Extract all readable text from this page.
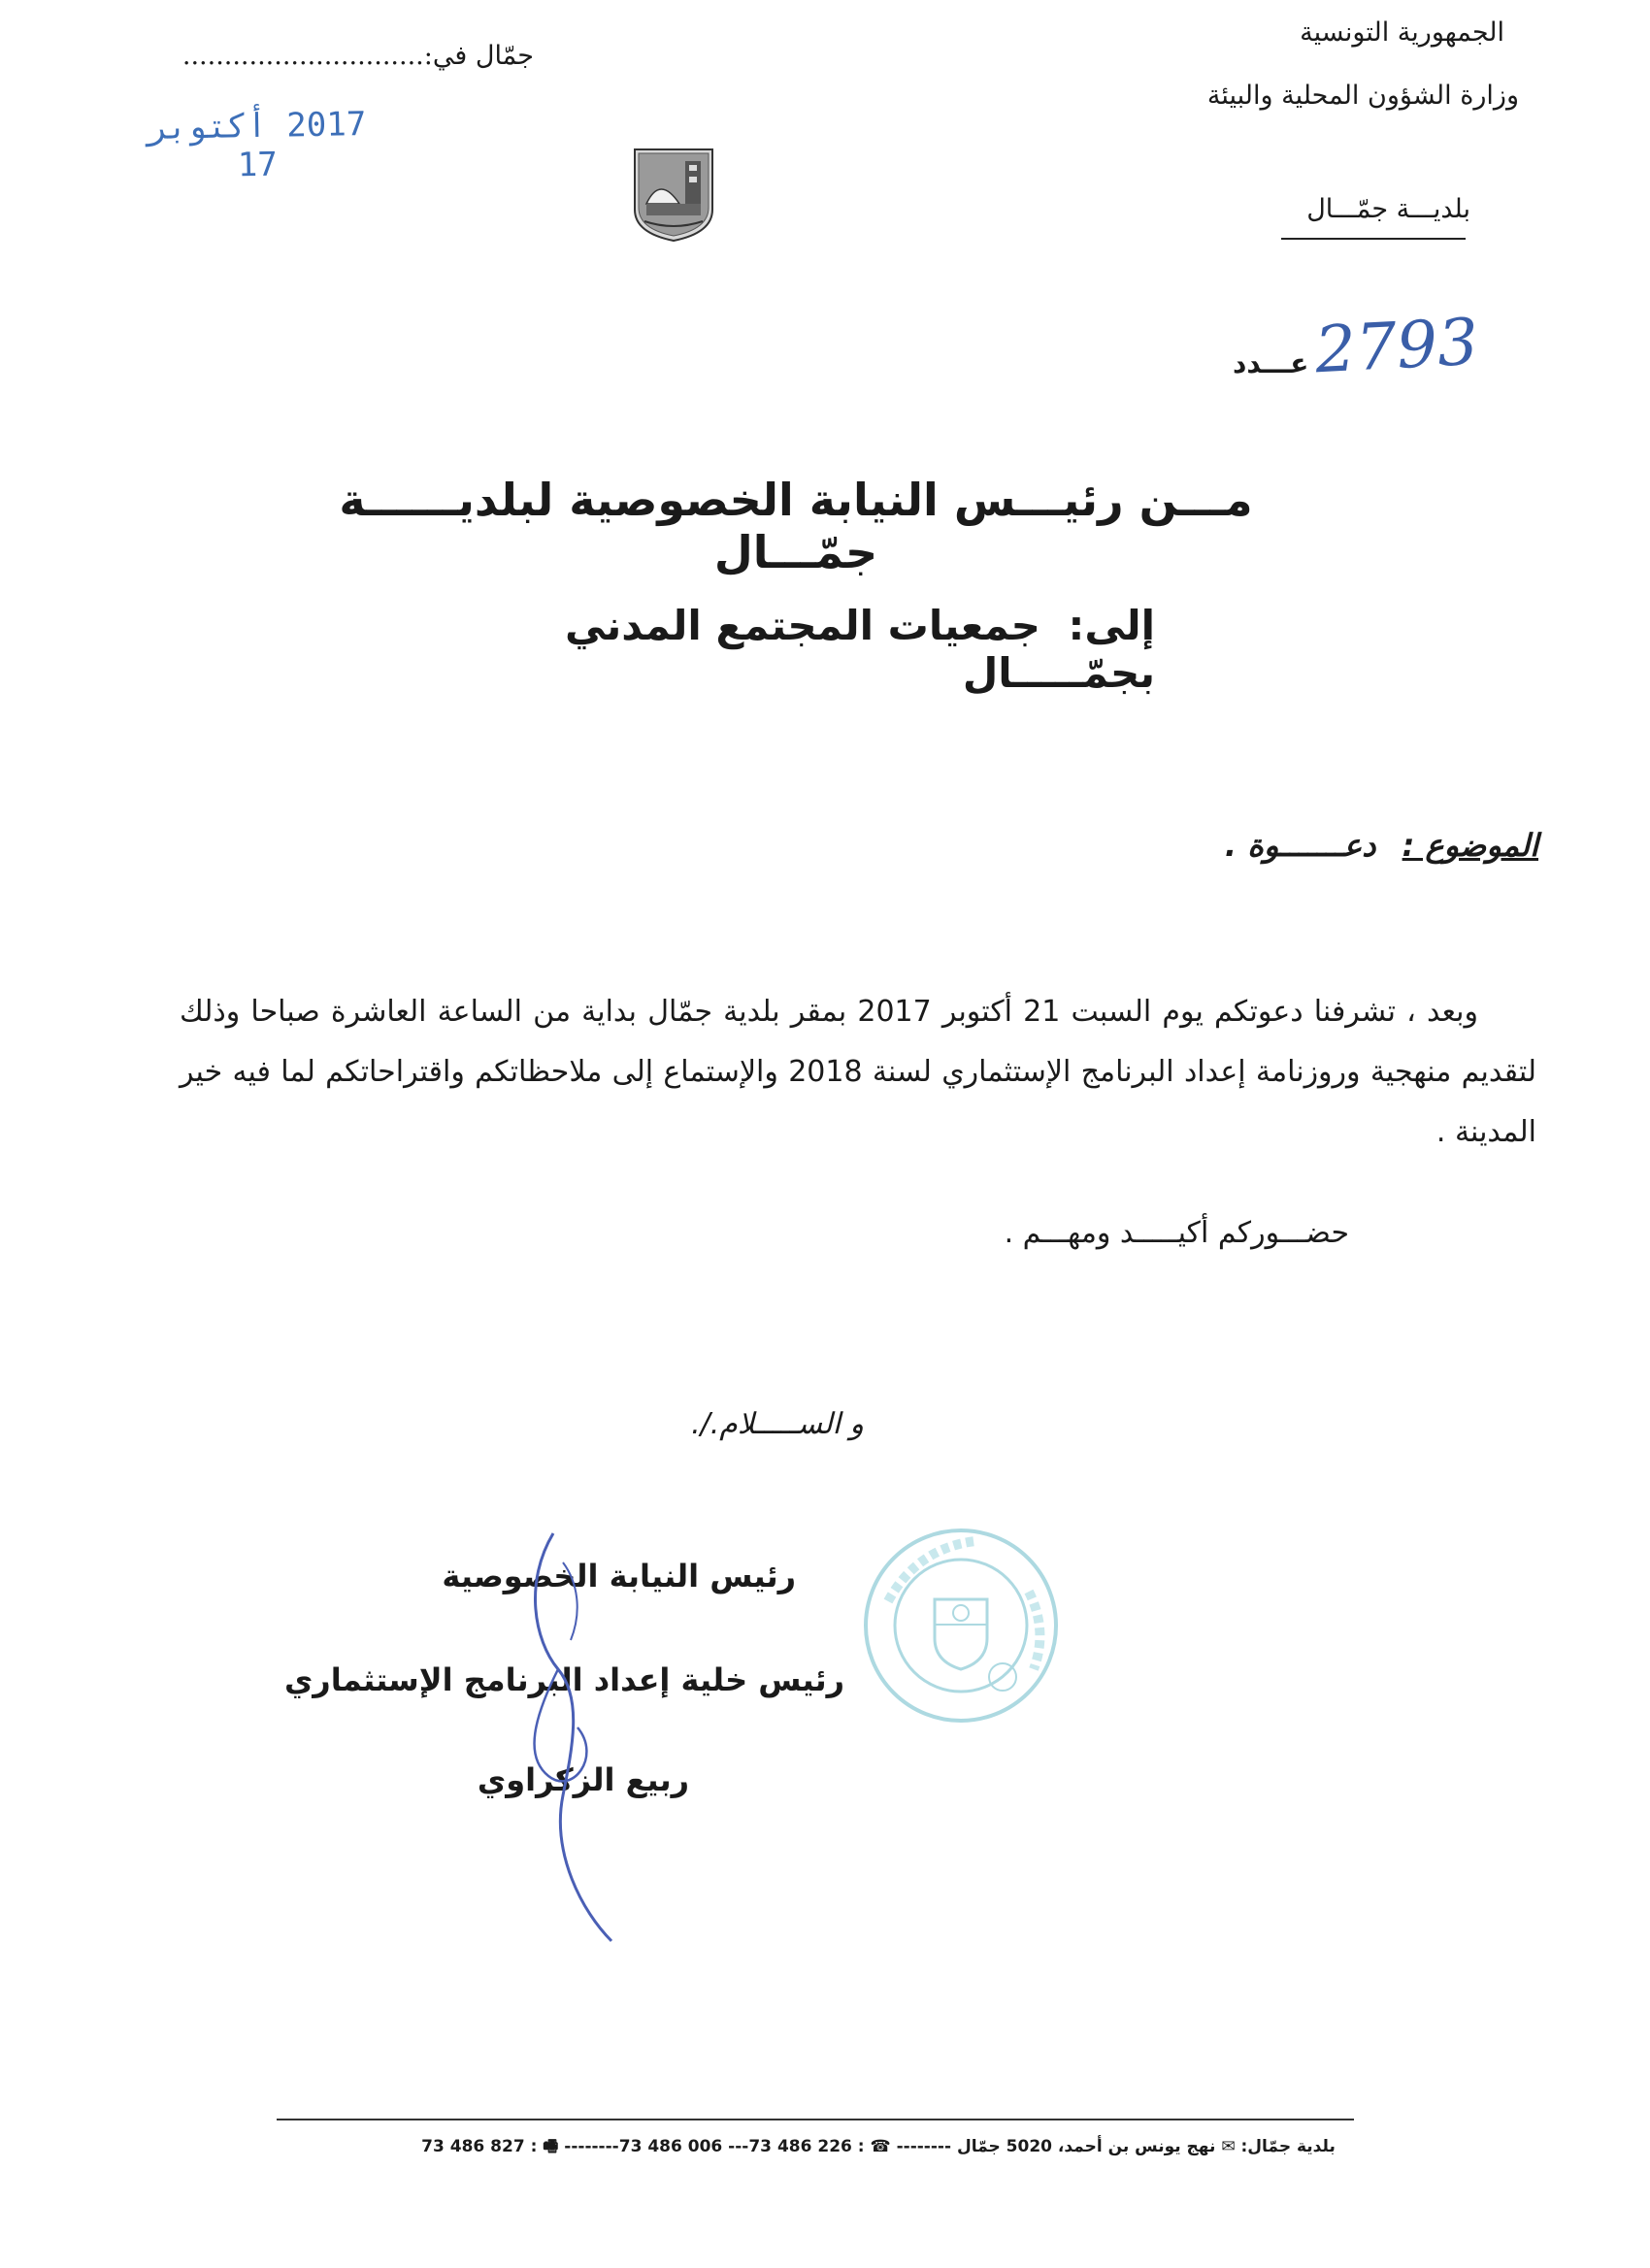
الجمهورية التونسية
وزارة الشؤون المحلية والبيئة
بلديـــة جمّـــال
جمّال في:.............................
2017 أكتوبر 17
عـــدد 2793
مـــن رئيـــس النيابة الخصوصية لبلديــــــة جمّـــال
إلى: جمعيات المجتمع المدني بجمّـــــال
الموضوع : دعـــــــوة .
وبعد ، تشرفنا دعوتكم يوم السبت 21 أكتوبر 2017 بمقر بلدية جمّال بداية من الساعة العاشرة صباحا وذلك لتقديم منهجية وروزنامة إعداد البرنامج الإستثماري لسنة 2018 والإستماع إلى ملاحظاتكم واقتراحاتكم لما فيه خير المدينة .
حضـــوركم أكيـــــد ومهـــم .
و الســـــلام./.
رئيس النيابة الخصوصية
رئيس خلية إعداد البرنامج الإستثماري
ربيع الزكراوي
بلدية جمّال: ✉ نهج يونس بن أحمد، 5020 جمّال -------- ☎ : 226 486 73--- 006 486 73-------- 🖷 : 827 486 73
